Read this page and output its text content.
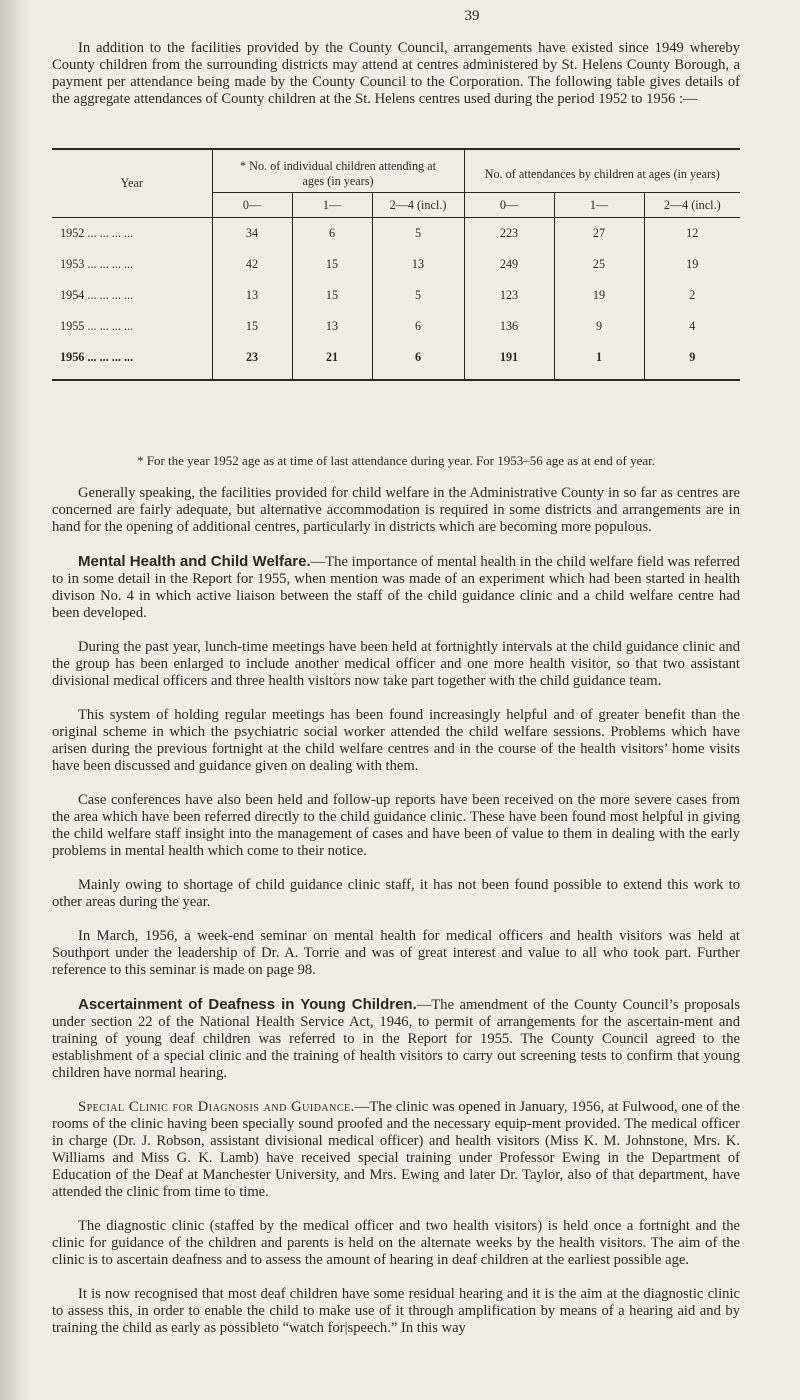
39

In addition to the facilities provided by the County Council, arrangements have existed since 1949 whereby County children from the surrounding districts may attend at centres administered by St. Helens County Borough, a payment per attendance being made by the County Council to the Corporation. The following table gives details of the aggregate attendances of County children at the St. Helens centres used during the period 1952 to 1956 :—

Year	* No. of individual children attending at ages (in years)			No. of attendances by children at ages (in years)		
	0—	1—	2—4 (incl.)	0—	1—	2—4 (incl.)
1952 ... ... ... ...	34	6	5	223	27	12
1953 ... ... ... ...	42	15	13	249	25	19
1954 ... ... ... ...	13	15	5	123	19	2
1955 ... ... ... ...	15	13	6	136	9	4
1956 ... ... ... ...	23	21	6	191	1	9

* For the year 1952 age as at time of last attendance during year. For 1953–56 age as at end of year.

Generally speaking, the facilities provided for child welfare in the Administrative County in so far as centres are concerned are fairly adequate, but alternative accommodation is required in some districts and arrangements are in hand for the opening of additional centres, particularly in districts which are becoming more populous.

Mental Health and Child Welfare.—The importance of mental health in the child welfare field was referred to in some detail in the Report for 1955, when mention was made of an experiment which had been started in health divison No. 4 in which active liaison between the staff of the child guidance clinic and a child welfare centre had been developed.

During the past year, lunch-time meetings have been held at fortnightly intervals at the child guidance clinic and the group has been enlarged to include another medical officer and one more health visitor, so that two assistant divisional medical officers and three health visitors now take part together with the child guidance team.

This system of holding regular meetings has been found increasingly helpful and of greater benefit than the original scheme in which the psychiatric social worker attended the child welfare sessions. Problems which have arisen during the previous fortnight at the child welfare centres and in the course of the health visitors’ home visits have been discussed and guidance given on dealing with them.

Case conferences have also been held and follow-up reports have been received on the more severe cases from the area which have been referred directly to the child guidance clinic. These have been found most helpful in giving the child welfare staff insight into the management of cases and have been of value to them in dealing with the early problems in mental health which come to their notice.

Mainly owing to shortage of child guidance clinic staff, it has not been found possible to extend this work to other areas during the year.

In March, 1956, a week-end seminar on mental health for medical officers and health visitors was held at Southport under the leadership of Dr. A. Torrie and was of great interest and value to all who took part. Further reference to this seminar is made on page 98.

Ascertainment of Deafness in Young Children.—The amendment of the County Council’s proposals under section 22 of the National Health Service Act, 1946, to permit of arrangements for the ascertain-ment and training of young deaf children was referred to in the Report for 1955. The County Council agreed to the establishment of a special clinic and the training of health visitors to carry out screening tests to confirm that young children have normal hearing.

Special Clinic for Diagnosis and Guidance.—The clinic was opened in January, 1956, at Fulwood, one of the rooms of the clinic having been specially sound proofed and the necessary equip-ment provided. The medical officer in charge (Dr. J. Robson, assistant divisional medical officer) and health visitors (Miss K. M. Johnstone, Mrs. K. Williams and Miss G. K. Lamb) have received special training under Professor Ewing in the Department of Education of the Deaf at Manchester University, and Mrs. Ewing and later Dr. Taylor, also of that department, have attended the clinic from time to time.

The diagnostic clinic (staffed by the medical officer and two health visitors) is held once a fortnight and the clinic for guidance of the children and parents is held on the alternate weeks by the health visitors. The aim of the clinic is to ascertain deafness and to assess the amount of hearing in deaf children at the earliest possible age.

It is now recognised that most deaf children have some residual hearing and it is the aim at the diagnostic clinic to assess this, in order to enable the child to make use of it through amplification by means of a hearing aid and by training the child as early as possibleto “watch for|speech.” In this way
